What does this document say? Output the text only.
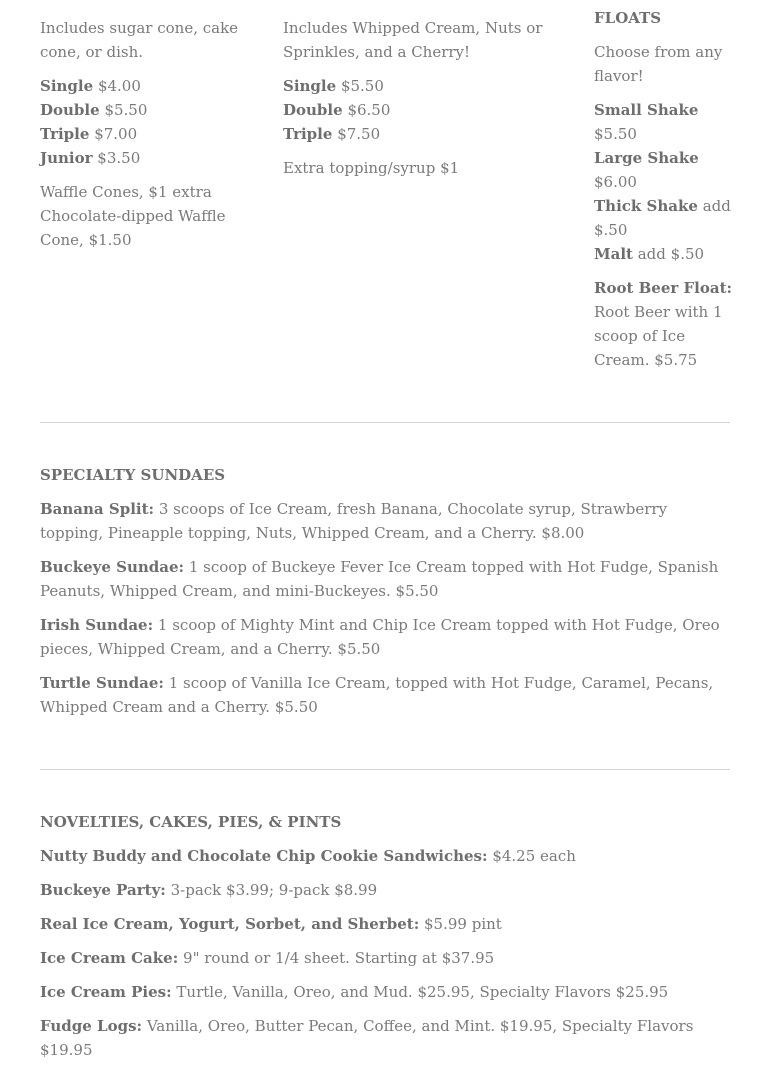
Includes sugar cone, cake cone, or dish.

Single $4.00
Double $5.50
Triple $7.00
Junior $3.50

Waffle Cones, $1 extra Chocolate-dipped Waffle Cone, $1.50

Includes Whipped Cream, Nuts or Sprinkles, and a Cherry!

Single $5.50
Double $6.50
Triple $7.50

Extra topping/syrup $1

FLOATS

Choose from any flavor!

Small Shake
$5.50
Large Shake
$6.00
Thick Shake add $.50
Malt add $.50

Root Beer Float: Root Beer with 1 scoop of Ice Cream. $5.75

SPECIALTY SUNDAES

Banana Split: 3 scoops of Ice Cream, fresh Banana, Chocolate syrup, Strawberry topping, Pineapple topping, Nuts, Whipped Cream, and a Cherry. $8.00

Buckeye Sundae: 1 scoop of Buckeye Fever Ice Cream topped with Hot Fudge, Spanish Peanuts, Whipped Cream, and mini-Buckeyes. $5.50

Irish Sundae: 1 scoop of Mighty Mint and Chip Ice Cream topped with Hot Fudge, Oreo pieces, Whipped Cream, and a Cherry. $5.50

Turtle Sundae: 1 scoop of Vanilla Ice Cream, topped with Hot Fudge, Caramel, Pecans, Whipped Cream and a Cherry. $5.50

NOVELTIES, CAKES, PIES, & PINTS

Nutty Buddy and Chocolate Chip Cookie Sandwiches: $4.25 each

Buckeye Party: 3-pack $3.99; 9-pack $8.99

Real Ice Cream, Yogurt, Sorbet, and Sherbet: $5.99 pint

Ice Cream Cake: 9" round or 1/4 sheet. Starting at $37.95

Ice Cream Pies: Turtle, Vanilla, Oreo, and Mud. $25.95, Specialty Flavors $25.95

Fudge Logs: Vanilla, Oreo, Butter Pecan, Coffee, and Mint. $19.95, Specialty Flavors $19.95
